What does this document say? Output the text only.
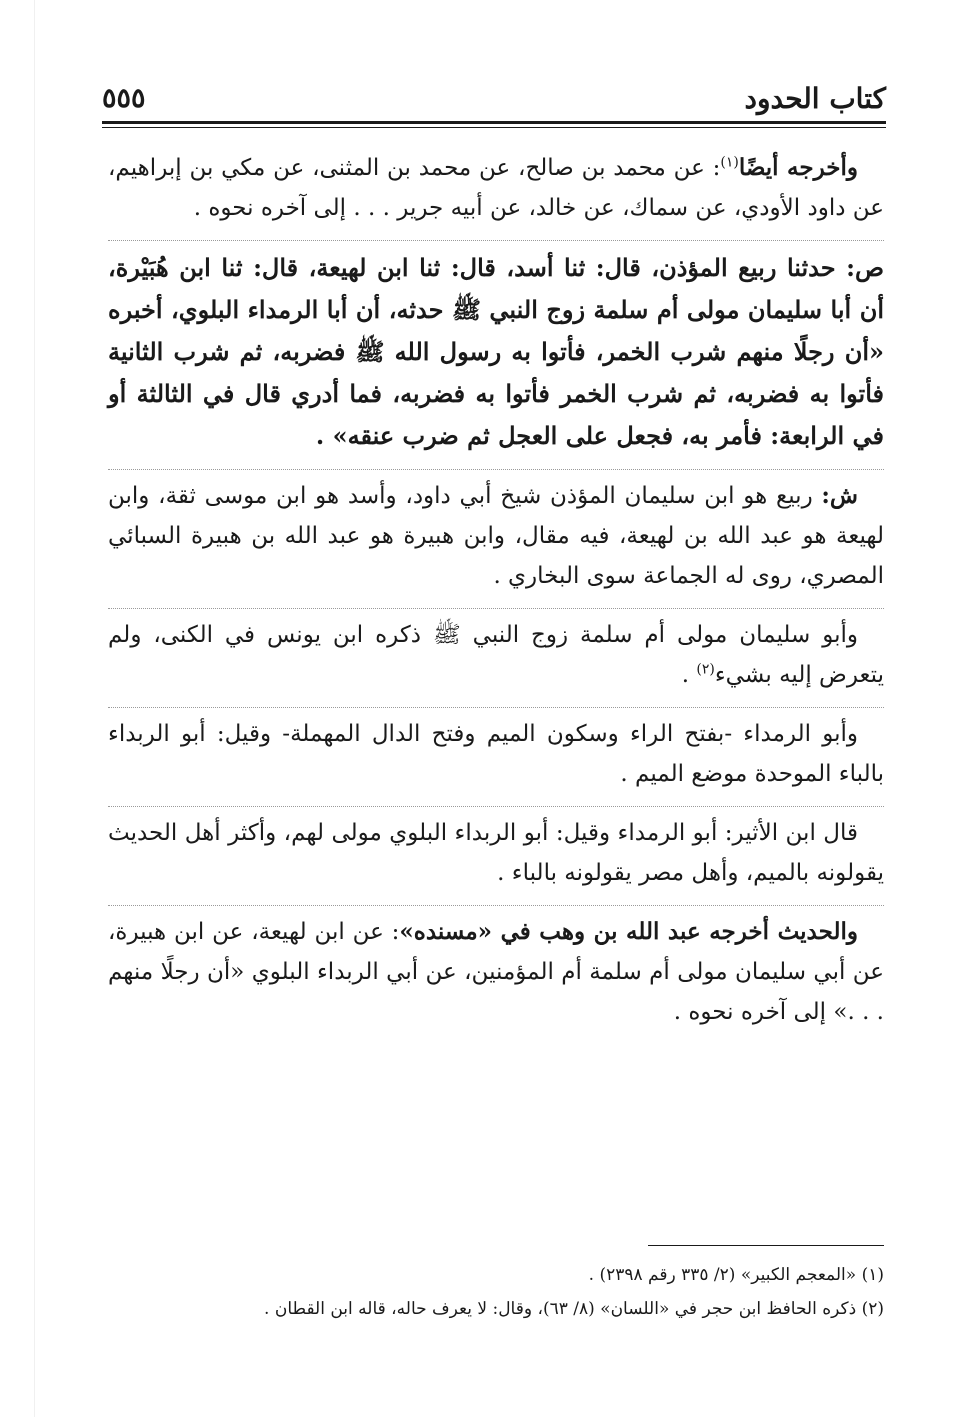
٥٥٥	كتاب الحدود

وأخرجه أيضًا$^{(١)}$: عن محمد بن صالح، عن محمد بن المثنى، عن مكي بن إبراهيم، عن داود الأودي، عن سماك، عن خالد، عن أبيه جرير . . . إلى آخره نحوه .

ص: حدثنا ربيع المؤذن، قال: ثنا أسد، قال: ثنا ابن لهيعة، قال: ثنا ابن هُبَيْرة، أن أبا سليمان مولى أم سلمة زوج النبي ﷺ حدثه، أن أبا الرمداء البلوي، أخبره «أن رجلًا منهم شرب الخمر، فأتوا به رسول الله ﷺ فضربه، ثم شرب الثانية فأتوا به فضربه، ثم شرب الخمر فأتوا به فضربه، فما أدري قال في الثالثة أو في الرابعة: فأمر به، فجعل على العجل ثم ضرب عنقه» .

ش: ربيع هو ابن سليمان المؤذن شيخ أبي داود، وأسد هو ابن موسى ثقة، وابن لهيعة هو عبد الله بن لهيعة، فيه مقال، وابن هبيرة هو عبد الله بن هبيرة السبائي المصري، روى له الجماعة سوى البخاري .

وأبو سليمان مولى أم سلمة زوج النبي ﷺ ذكره ابن يونس في الكنى، ولم يتعرض إليه بشيء$^{(٢)}$ .

وأبو الرمداء -بفتح الراء وسكون الميم وفتح الدال المهملة- وقيل: أبو الربداء بالباء الموحدة موضع الميم .

قال ابن الأثير: أبو الرمداء وقيل: أبو الربداء البلوي مولى لهم، وأكثر أهل الحديث يقولونه بالميم، وأهل مصر يقولونه بالباء .

والحديث أخرجه عبد الله بن وهب في «مسنده»: عن ابن لهيعة، عن ابن هبيرة، عن أبي سليمان مولى أم سلمة أم المؤمنين، عن أبي الربداء البلوي «أن رجلًا منهم . . .» إلى آخره نحوه .

(١) «المعجم الكبير» (٢/ ٣٣٥ رقم ٢٣٩٨) .

(٢) ذكره الحافظ ابن حجر في «اللسان» (٨/ ٦٣)، وقال: لا يعرف حاله، قاله ابن القطان .
